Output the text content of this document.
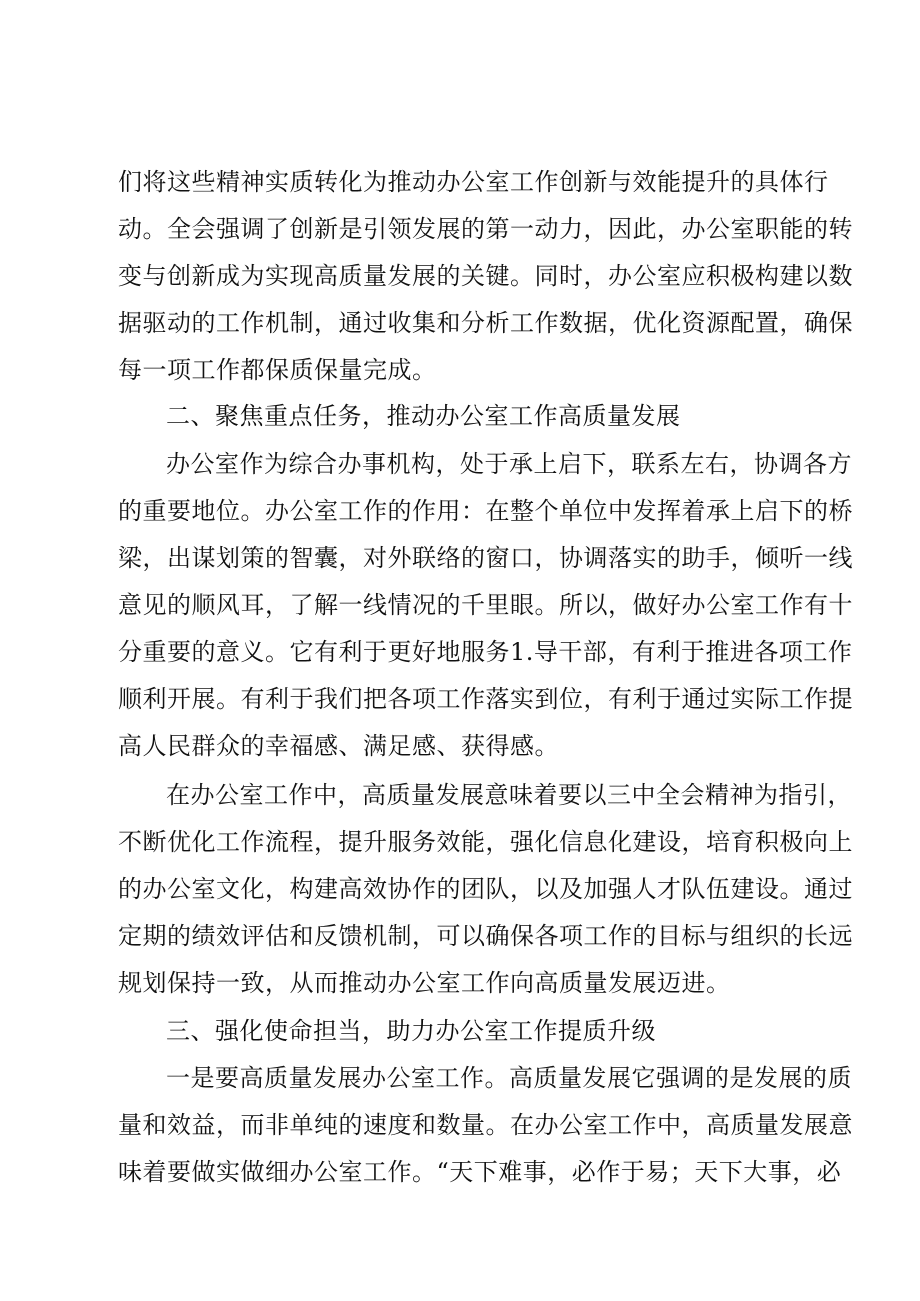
们将这些精神实质转化为推动办公室工作创新与效能提升的具体行
动。全会强调了创新是引领发展的第一动力，因此，办公室职能的转
变与创新成为实现高质量发展的关键。同时，办公室应积极构建以数
据驱动的工作机制，通过收集和分析工作数据，优化资源配置，确保
每一项工作都保质保量完成。
二、聚焦重点任务，推动办公室工作高质量发展
办公室作为综合办事机构，处于承上启下，联系左右，协调各方
的重要地位。办公室工作的作用：在整个单位中发挥着承上启下的桥
梁，出谋划策的智囊，对外联络的窗口，协调落实的助手，倾听一线
意见的顺风耳，了解一线情况的千里眼。所以，做好办公室工作有十
分重要的意义。它有利于更好地服务1.导干部，有利于推进各项工作
顺利开展。有利于我们把各项工作落实到位，有利于通过实际工作提
高人民群众的幸福感、满足感、获得感。
在办公室工作中，高质量发展意味着要以三中全会精神为指引，
不断优化工作流程，提升服务效能，强化信息化建设，培育积极向上
的办公室文化，构建高效协作的团队，以及加强人才队伍建设。通过
定期的绩效评估和反馈机制，可以确保各项工作的目标与组织的长远
规划保持一致，从而推动办公室工作向高质量发展迈进。
三、强化使命担当，助力办公室工作提质升级
一是要高质量发展办公室工作。高质量发展它强调的是发展的质
量和效益，而非单纯的速度和数量。在办公室工作中，高质量发展意
味着要做实做细办公室工作。“天下难事，必作于易；天下大事，必
